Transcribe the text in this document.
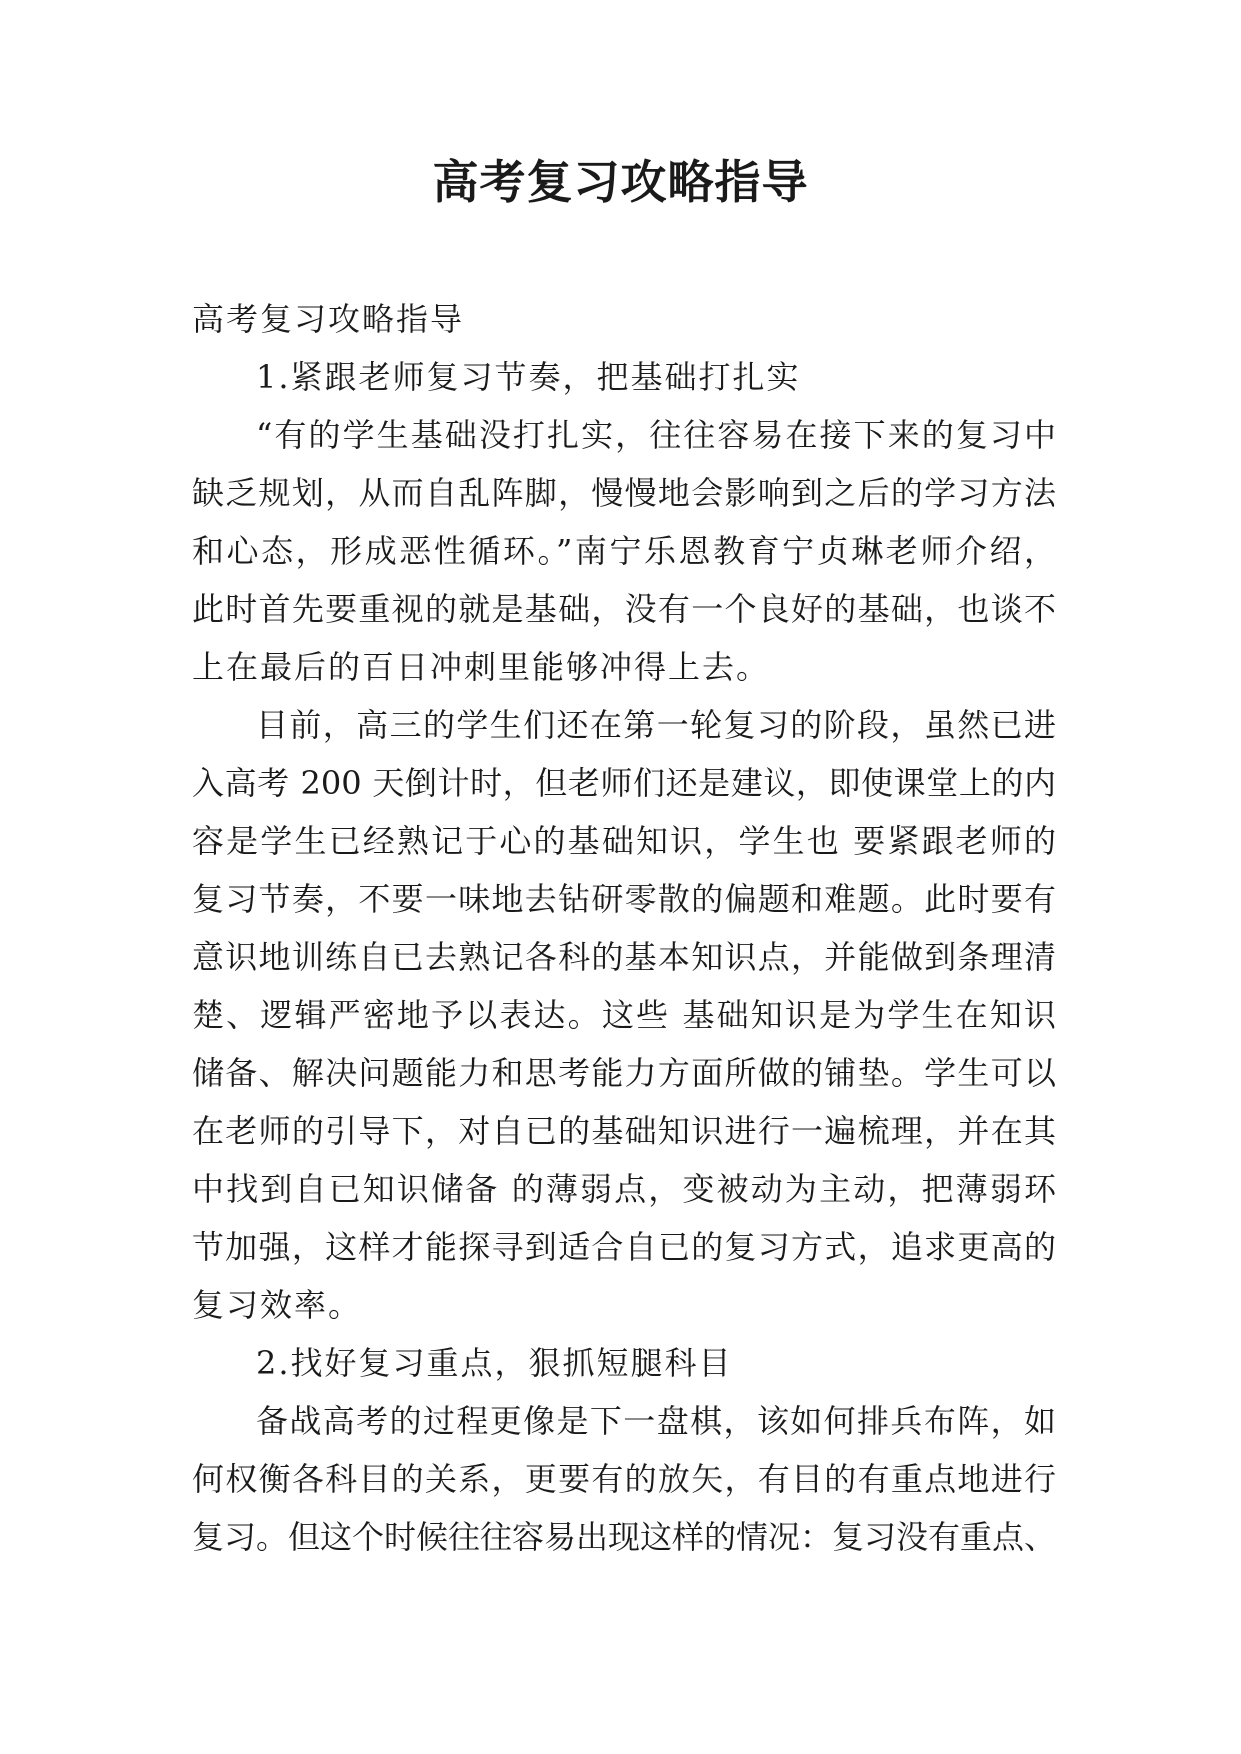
高考复习攻略指导
高考复习攻略指导
1.紧跟老师复习节奏，把基础打扎实
“有的学生基础没打扎实，往往容易在接下来的复习中
缺乏规划，从而自乱阵脚，慢慢地会影响到之后的学习方法
和心态，形成恶性循环。”南宁乐恩教育宁贞琳老师介绍，
此时首先要重视的就是基础，没有一个良好的基础，也谈不
上在最后的百日冲刺里能够冲得上去。
目前，高三的学生们还在第一轮复习的阶段，虽然已进
入高考 200 天倒计时，但老师们还是建议，即使课堂上的内
容是学生已经熟记于心的基础知识，学生也 要紧跟老师的
复习节奏，不要一味地去钻研零散的偏题和难题。此时要有
意识地训练自已去熟记各科的基本知识点，并能做到条理清
楚、逻辑严密地予以表达。这些 基础知识是为学生在知识
储备、解决问题能力和思考能力方面所做的铺垫。学生可以
在老师的引导下，对自已的基础知识进行一遍梳理，并在其
中找到自已知识储备 的薄弱点，变被动为主动，把薄弱环
节加强，这样才能探寻到适合自已的复习方式，追求更高的
复习效率。
2.找好复习重点，狠抓短腿科目
备战高考的过程更像是下一盘棋，该如何排兵布阵，如
何权衡各科目的关系，更要有的放矢，有目的有重点地进行
复习。但这个时候往往容易出现这样的情况：复习没有重点、
